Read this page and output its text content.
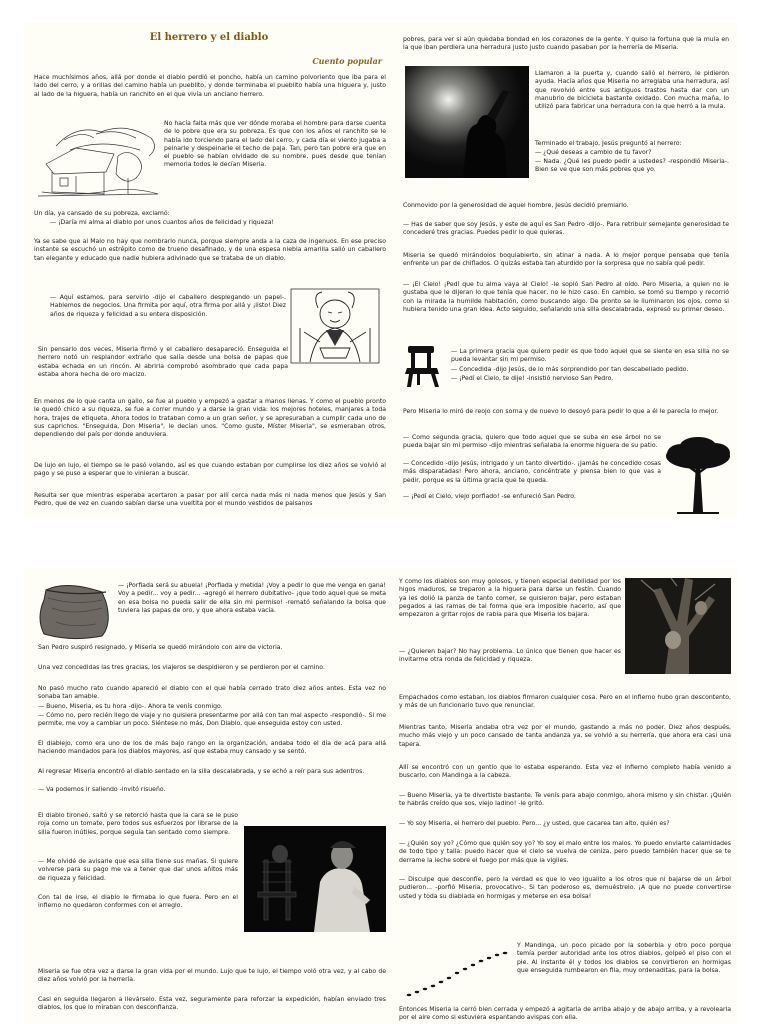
El herrero y el diablo
Cuento popular

Hace muchísimos años, allá por donde el diablo perdió el poncho, había un camino polvoriento que iba para el lado del cerro, y a orillas del camino había un pueblito, y donde terminaba el pueblito había una higuera y, justo al lado de la higuera, había un ranchito en el que vivía un anciano herrero.

No hacía falta más que ver dónde moraba el hombre para darse cuenta de lo pobre que era su pobreza. Es que con los años el ranchito se le había ido torciendo para el lado del cerro, y cada día el viento jugaba a peinarle y despeinarle el techo de paja. Tan, pero tan pobre era que en el pueblo se habían olvidado de su nombre, pues desde que tenían memoria todos le decían Miseria.

Un día, ya cansado de su pobreza, exclamó:

— ¡Daría mi alma al diablo por unos cuantos años de felicidad y riqueza!

Ya se sabe que al Malo no hay que nombrarlo nunca, porque siempre anda a la caza de ingenuos. En ese preciso instante se escuchó un estrépito como de trueno desafinado, y de una espesa niebla amarilla salió un caballero tan elegante y educado que nadie hubiera adivinado que se trataba de un diablo.

— Aquí estamos, para servirlo -dijo el caballero desplegando un papel-. Hablemos de negocios. Una firmita por aquí, otra firma por allá y ¡listo! Diez años de riqueza y felicidad a su entera disposición.

Sin pensarlo dos veces, Miseria firmó y el caballero desapareció. Enseguida el herrero notó un resplandor extraño que salía desde una bolsa de papas que estaba echada en un rincón. Al abrirla comprobó asombrado que cada papa estaba ahora hecha de oro macizo.

En menos de lo que canta un gallo, se fue al pueblo y empezó a gastar a manos llenas. Y como el pueblo pronto le quedó chico a su riqueza, se fue a correr mundo y a darse la gran vida: los mejores hoteles, manjares a toda hora, trajes de etiqueta. Ahora todos lo trataban como a un gran señor, y se apresuraban a cumplir cada uno de sus caprichos. "Enseguida, Don Miseria", le decían unos. "Como guste, Míster Miseria", se esmeraban otros, dependiendo del país por donde anduviera.

De lujo en lujo, el tiempo se le pasó volando, así es que cuando estaban por cumplirse los diez años se volvió al pago y se puso a esperar que lo vinieran a buscar.

Resulta ser que mientras esperaba acertaron a pasar por allí cerca nada más ni nada menos que Jesús y San Pedro, que de vez en cuando sabían darse una vueltita por el mundo vestidos de paisanos

pobres, para ver si aún quedaba bondad en los corazones de la gente. Y quiso la fortuna que la mula en la que iban perdiera una herradura justo justo cuando pasaban por la herrería de Miseria.

Llamaron a la puerta y, cuando salió el herrero, le pidieron ayuda. Hacía años que Miseria no arreglaba una herradura, así que revolvió entre sus antiguos trastos hasta dar con un manubrio de bicicleta bastante oxidado. Con mucha maña, lo utilizó para fabricar una herradura con la que herró a la mula.

Terminado el trabajo, Jesús preguntó al herrero:

— ¿Qué deseas a cambio de tu favor?

— Nada. ¿Qué les puedo pedir a ustedes? -respondió Miseria-. Bien se ve que son más pobres que yo.

Conmovido por la generosidad de aquel hombre, Jesús decidió premiarlo.

— Has de saber que soy Jesús, y este de aquí es San Pedro -dijo-. Para retribuir semejante generosidad te concederé tres gracias. Puedes pedir lo que quieras.

Miseria se quedó mirándolos boquiabierto, sin atinar a nada. A lo mejor porque pensaba que tenía enfrente un par de chiflados. O quizás estaba tan aturdido por la sorpresa que no sabía qué pedir.

— ¡El Cielo! ¡Pedí que tu alma vaya al Cielo! -le sopló San Pedro al oído. Pero Miseria, a quien no le gustaba que le dijeran lo que tenía que hacer, no le hizo caso. En cambio, se tomó su tiempo y recorrió con la mirada la humilde habitación, como buscando algo. De pronto se le iluminaron los ojos, como si hubiera tenido una gran idea. Acto seguido, señalando una silla descalabrada, expresó su primer deseo.

— La primera gracia que quiero pedir es que todo aquel que se siente en esa silla no se pueda levantar sin mi permiso.

— Concedida -dijo Jesús, de lo más sorprendido por tan descabellado pedido.

— ¡Pedí el Cielo, te dije! -insistió nervioso San Pedro.

Pero Miseria lo miró de reojo con sorna y de nuevo lo desoyó para pedir lo que a él le parecía lo mejor.

— Como segunda gracia, quiero que todo aquel que se suba en ese árbol no se pueda bajar sin mi permiso -dijo mientras señalaba la enorme higuera de su patio.

— Concedido -dijo Jesús, intrigado y un tanto divertido-. ¡Jamás he concedido cosas más disparatadas! Pero ahora, anciano, concéntrate y piensa bien lo que vas a pedir, porque es la última gracia que te queda.

— ¡Pedí el Cielo, viejo porfiado! -se enfureció San Pedro.

— ¡Porfiada será su abuela! ¡Porfiada y metida! ¡Voy a pedir lo que me venga en gana! Voy a pedir... voy a pedir... -agregó el herrero dubitativo- ¡que todo aquel que se meta en esa bolsa no pueda salir de ella sin mi permiso! -remató señalando la bolsa que tuviera las papas de oro, y que ahora estaba vacía.

San Pedro suspiró resignado, y Miseria se quedó mirándolo con aire de victoria.

Una vez concedidas las tres gracias, los viajeros se despidieron y se perdieron por el camino.

No pasó mucho rato cuando apareció el diablo con el que había cerrado trato diez años antes. Esta vez no sonaba tan amable.

— Bueno, Miseria, es tu hora -dijo-. Ahora te venís conmigo.

— Cómo no, pero recién llego de viaje y no quisiera presentarme por allá con tan mal aspecto -respondió-. Si me permite, me voy a cambiar un poco. Siéntese no más, Don Diablo, que enseguida estoy con usted.

El diablejo, como era uno de los de más bajo rango en la organización, andaba todo el día de acá para allá haciendo mandados para los diablos mayores, así que estaba muy cansado y se sentó.

Al regresar Miseria encontró al diablo sentado en la silla descalabrada, y se echó a reír para sus adentros.

— Va podemos ir saliendo -invitó risueño.

El diablo tironeó, saltó y se retorció hasta que la cara se le puso roja como un tomate, pero todos sus esfuerzos por librarse de la silla fueron inútiles, porque seguía tan sentado como siempre.

— Me olvidé de avisarle que esa silla tiene sus mañas. Si quiere volverse para su pago me va a tener que dar unos añitos más de riqueza y felicidad.

Con tal de irse, el diablo le firmaba lo que fuera. Pero en el infierno no quedaron conformes con el arreglo.

Miseria se fue otra vez a darse la gran vida por el mundo. Lujo que te lujo, el tiempo voló otra vez, y al cabo de diez años volvió por la herrería.

Casi en seguida llegaron a llevárselo. Esta vez, seguramente para reforzar la expedición, habían enviado tres diablos, los que lo miraban con desconfianza.

Y como los diablos son muy golosos, y tienen especial debilidad por los higos maduros, se treparon a la higuera para darse un festín. Cuando ya les dolió la panza de tanto comer, se quisieron bajar, pero estaban pegados a las ramas de tal forma que era imposible hacerlo, así que empezaron a gritar rojos de rabia para que Miseria los bajara.

— ¿Quieren bajar? No hay problema. Lo único que tienen que hacer es invitarme otra ronda de felicidad y riqueza.

Empachados como estaban, los diablos firmaron cualquier cosa. Pero en el infierno hubo gran descontento, y más de un funcionario tuvo que renunciar.

Mientras tanto, Miseria andaba otra vez por el mundo, gastando a más no poder. Diez años después, mucho más viejo y un poco cansado de tanta andanza ya, se volvió a su herrería, que ahora era casi una tapera.

Allí se encontró con un gentío que lo estaba esperando. Esta vez el infierno completo había venido a buscarlo, con Mandinga a la cabeza.

— Bueno Miseria, ya te divertiste bastante. Te venís para abajo conmigo, ahora mismo y sin chistar. ¡Quién te habrás creído que sos, viejo ladino! -le gritó.

— Yo soy Miseria, el herrero del pueblo. Pero... ¿y usted, que cacarea tan alto, quién es?

— ¿Quién soy yo? ¿Cómo que quién soy yo? Yo soy el malo entre los malos. Yo puedo enviarte calamidades de todo tipo y talla: puedo hacer que el cielo se vuelva de ceniza, pero puedo también hacer que se te derrame la leche sobre el fuego por más que la vigiles.

— Disculpe que desconfíe, pero la verdad es que lo veo igualito a los otros que ni bajarse de un árbol pudieron... -porfió Miseria, provocativo-. Si tan poderoso es, demuéstrelo. ¡A que no puede convertirse usted y toda su diablada en hormigas y meterse en esa bolsa!

Y Mandinga, un poco picado por la soberbia y otro poco porque temía perder autoridad ante los otros diablos, golpeó el piso con el pie. Al instante él y todos los diablos se convirtieron en hormigas que enseguida rumbearon en fila, muy ordenaditas, para la bolsa.

Entonces Miseria la cerró bien cerrada y empezó a agitarla de arriba abajo y de abajo arriba, y a revolearla por el aire como si estuviera espantando avispas con ella.
